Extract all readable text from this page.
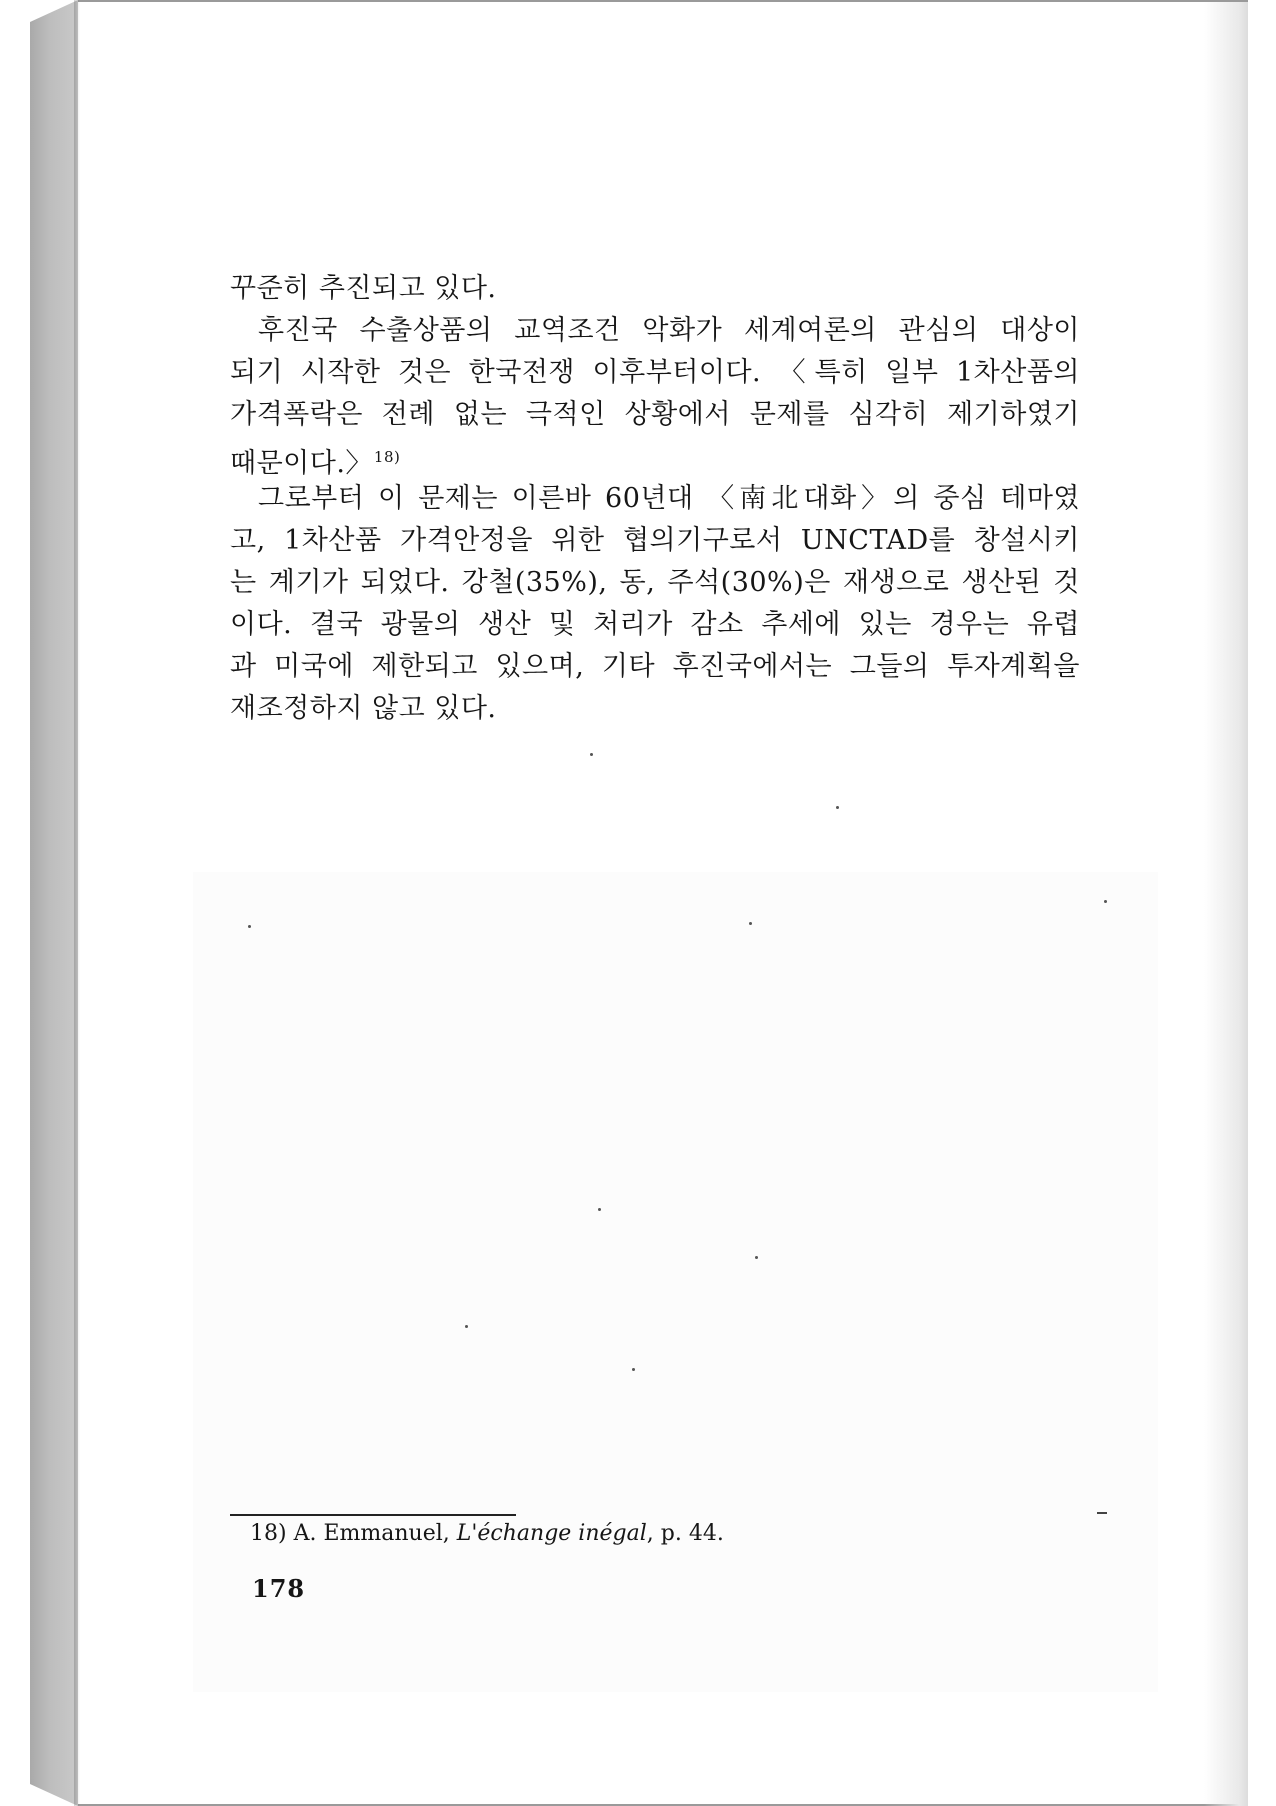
꾸준히 추진되고 있다.
후진국 수출상품의 교역조건 악화가 세계여론의 관심의 대상이
되기 시작한 것은 한국전쟁 이후부터이다. 〈특히 일부 1차산품의
가격폭락은 전례 없는 극적인 상황에서 문제를 심각히 제기하였기
때문이다.〉$^{18)}$
그로부터 이 문제는 이른바 60년대 〈南北대화〉의 중심 테마였
고, 1차산품 가격안정을 위한 협의기구로서 UNCTAD를 창설시키
는 계기가 되었다. 강철(35%), 동, 주석(30%)은 재생으로 생산된 것
이다. 결국 광물의 생산 및 처리가 감소 추세에 있는 경우는 유렵
과 미국에 제한되고 있으며, 기타 후진국에서는 그들의 투자계획을
재조정하지 않고 있다.
18) A. Emmanuel, L'échange inégal, p. 44.
178
